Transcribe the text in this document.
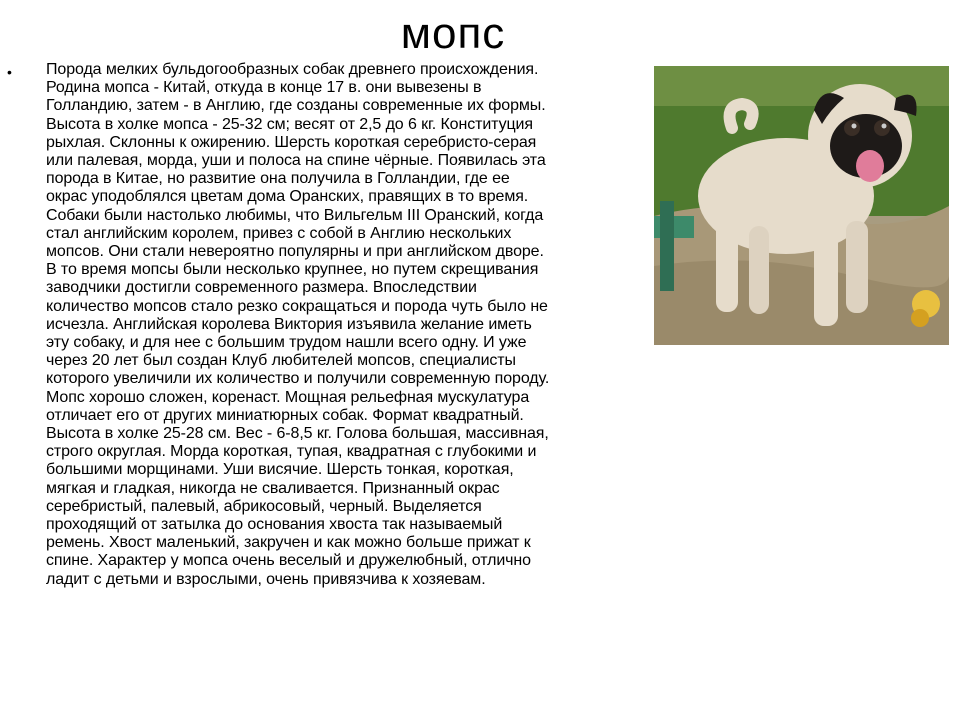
мопс
• Порода мелких бульдогообразных собак древнего происхождения.
Родина мопса - Китай, откуда в конце 17 в. они вывезены в
Голландию, затем - в Англию, где созданы современные их формы.
Высота в холке мопса - 25-32 см; весят от 2,5 до 6 кг. Конституция
рыхлая. Склонны к ожирению. Шерсть короткая серебристо-серая
или палевая, морда, уши и полоса на спине чёрные. Появилась эта
порода в Китае, но развитие она получила в Голландии, где ее
окрас уподоблялся цветам дома Оранских, правящих в то время.
Собаки были настолько любимы, что Вильгельм III Оранский, когда
стал английским королем, привез с собой в Англию нескольких
мопсов. Они стали невероятно популярны и при английском дворе.
В то время мопсы были несколько крупнее, но путем скрещивания
заводчики достигли современного размера. Впоследствии
количество мопсов стало резко сокращаться и порода чуть было не
исчезла. Английская королева Виктория изъявила желание иметь
эту собаку, и для нее с большим трудом нашли всего одну. И уже
через 20 лет был создан Клуб любителей мопсов, специалисты
которого увеличили их количество и получили современную породу.
Мопс хорошо сложен, коренаст. Мощная рельефная мускулатура
отличает его от других миниатюрных собак. Формат квадратный.
Высота в холке 25-28 см. Вес - 6-8,5 кг. Голова большая, массивная,
строго округлая. Морда короткая, тупая, квадратная с глубокими и
большими морщинами. Уши висячие. Шерсть тонкая, короткая,
мягкая и гладкая, никогда не сваливается. Признанный окрас
серебристый, палевый, абрикосовый, черный. Выделяется
проходящий от затылка до основания хвоста так называемый
ремень. Хвост маленький, закручен и как можно больше прижат к
спине. Характер у мопса очень веселый и дружелюбный, отлично
ладит с детьми и взрослыми, очень привязчива к хозяевам.
